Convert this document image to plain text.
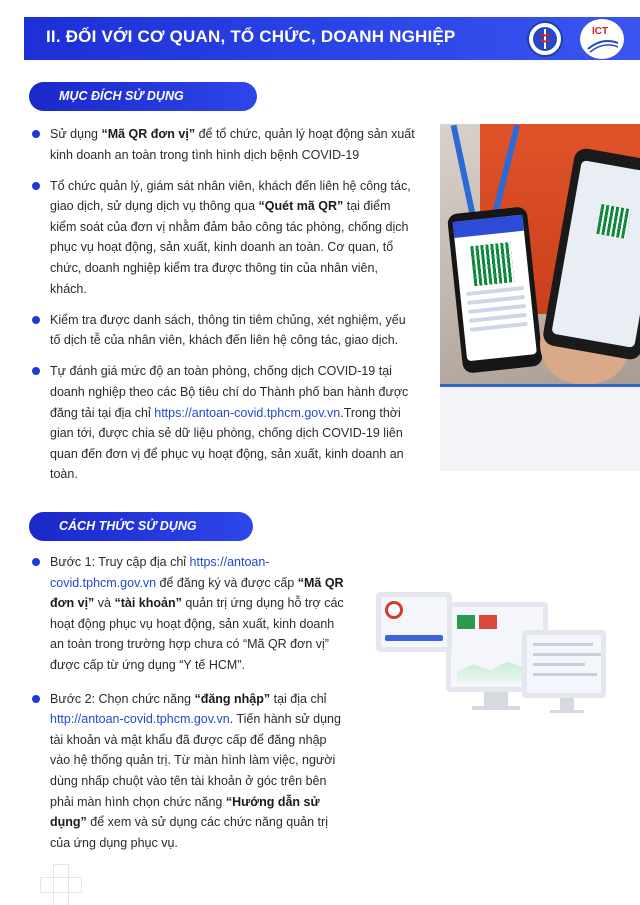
II. ĐỐI VỚI CƠ QUAN, TỔ CHỨC, DOANH NGHIỆP	ICT
MỤC ĐÍCH SỬ DỤNG
Sử dụng “Mã QR đơn vị” để tổ chức, quản lý hoạt động sản xuất kinh doanh an toàn trong tình hình dịch bệnh COVID-19
Tổ chức quản lý, giám sát nhân viên, khách đến liên hệ công tác, giao dịch, sử dụng dịch vụ thông qua “Quét mã QR” tại điểm kiểm soát của đơn vị nhằm đảm bảo công tác phòng, chống dịch phục vụ hoạt động, sản xuất, kinh doanh an toàn. Cơ quan, tổ chức, doanh nghiệp kiểm tra được thông tin của nhân viên, khách.
Kiểm tra được danh sách, thông tin tiêm chủng, xét nghiệm, yếu tố dịch tễ của nhân viên, khách đến liên hệ công tác, giao dịch.
Tự đánh giá mức độ an toàn phòng, chống dịch COVID-19 tại doanh nghiệp theo các Bộ tiêu chí do Thành phố ban hành được đăng tải tại địa chỉ https://antoan-covid.tphcm.gov.vn.Trong thời gian tới, được chia sẻ dữ liệu phòng, chống dịch COVID-19 liên quan đến đơn vị để phục vụ hoạt động, sản xuất, kinh doanh an toàn.
CÁCH THỨC SỬ DỤNG
Bước 1: Truy cập địa chỉ https://antoan-covid.tphcm.gov.vn để đăng ký và được cấp “Mã QR đơn vị” và “tài khoản” quản trị ứng dụng hỗ trợ các hoạt động phục vụ hoạt động, sản xuất, kinh doanh an toàn trong trường hợp chưa có “Mã QR đơn vị” được cấp từ ứng dụng “Y tế HCM”.
Bước 2: Chọn chức năng “đăng nhập” tại địa chỉ http://antoan-covid.tphcm.gov.vn. Tiến hành sử dụng tài khoản và mật khẩu đã được cấp để đăng nhập vào hệ thống quản trị. Từ màn hình làm việc, người dùng nhấp chuột vào tên tài khoản ở góc trên bên phải màn hình chọn chức năng “Hướng dẫn sử dụng” để xem và sử dụng các chức năng quản trị của ứng dụng phục vụ.
